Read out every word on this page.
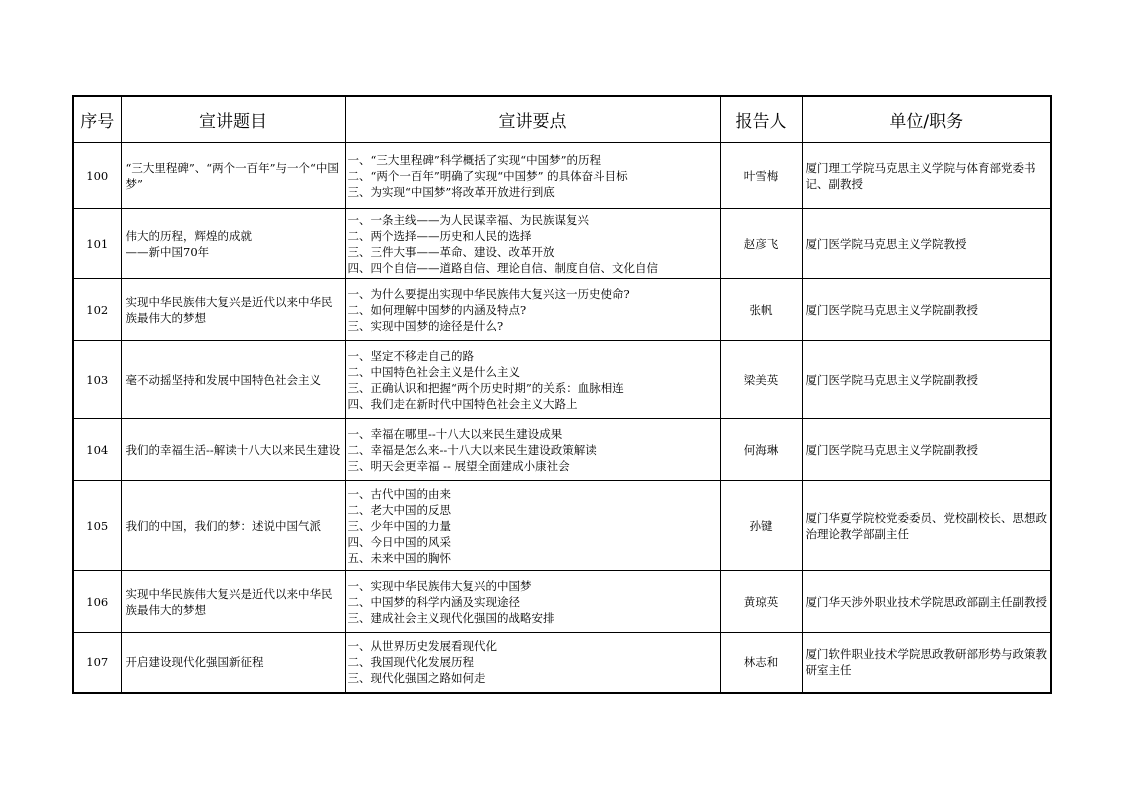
序号	宣讲题目	宣讲要点	报告人	单位/职务
100	“三大里程碑”、“两个一百年”与一个“中国梦”	一、“三大里程碑”科学概括了实现“中国梦”的历程
二、“两个一百年”明确了实现“中国梦” 的具体奋斗目标
三、为实现“中国梦”将改革开放进行到底	叶雪梅	厦门理工学院马克思主义学院与体育部党委书记、副教授
101	伟大的历程，辉煌的成就
——新中国70年	一、一条主线——为人民谋幸福、为民族谋复兴
二、两个选择——历史和人民的选择
三、三件大事——革命、建设、改革开放
四、四个自信——道路自信、理论自信、制度自信、文化自信	赵彦飞	厦门医学院马克思主义学院教授
102	实现中华民族伟大复兴是近代以来中华民族最伟大的梦想	一、为什么要提出实现中华民族伟大复兴这一历史使命?
二、如何理解中国梦的内涵及特点?
三、实现中国梦的途径是什么?	张帆	厦门医学院马克思主义学院副教授
103	毫不动摇坚持和发展中国特色社会主义	一、坚定不移走自己的路
二、中国特色社会主义是什么主义
三、正确认识和把握“两个历史时期”的关系：血脉相连
四、我们走在新时代中国特色社会主义大路上	梁美英	厦门医学院马克思主义学院副教授
104	我们的幸福生活--解读十八大以来民生建设	一、幸福在哪里--十八大以来民生建设成果
二、幸福是怎么来--十八大以来民生建设政策解读
三、明天会更幸福 -- 展望全面建成小康社会	何海琳	厦门医学院马克思主义学院副教授
105	我们的中国，我们的梦：述说中国气派	一、古代中国的由来
二、老大中国的反思
三、少年中国的力量
四、今日中国的风采
五、未来中国的胸怀	孙键	厦门华夏学院校党委委员、党校副校长、思想政治理论教学部副主任
106	实现中华民族伟大复兴是近代以来中华民族最伟大的梦想	一、实现中华民族伟大复兴的中国梦
二、中国梦的科学内涵及实现途径
三、建成社会主义现代化强国的战略安排	黄琼英	厦门华天涉外职业技术学院思政部副主任副教授
107	开启建设现代化强国新征程	一、从世界历史发展看现代化
二、我国现代化发展历程
三、现代化强国之路如何走	林志和	厦门软件职业技术学院思政教研部形势与政策教研室主任
